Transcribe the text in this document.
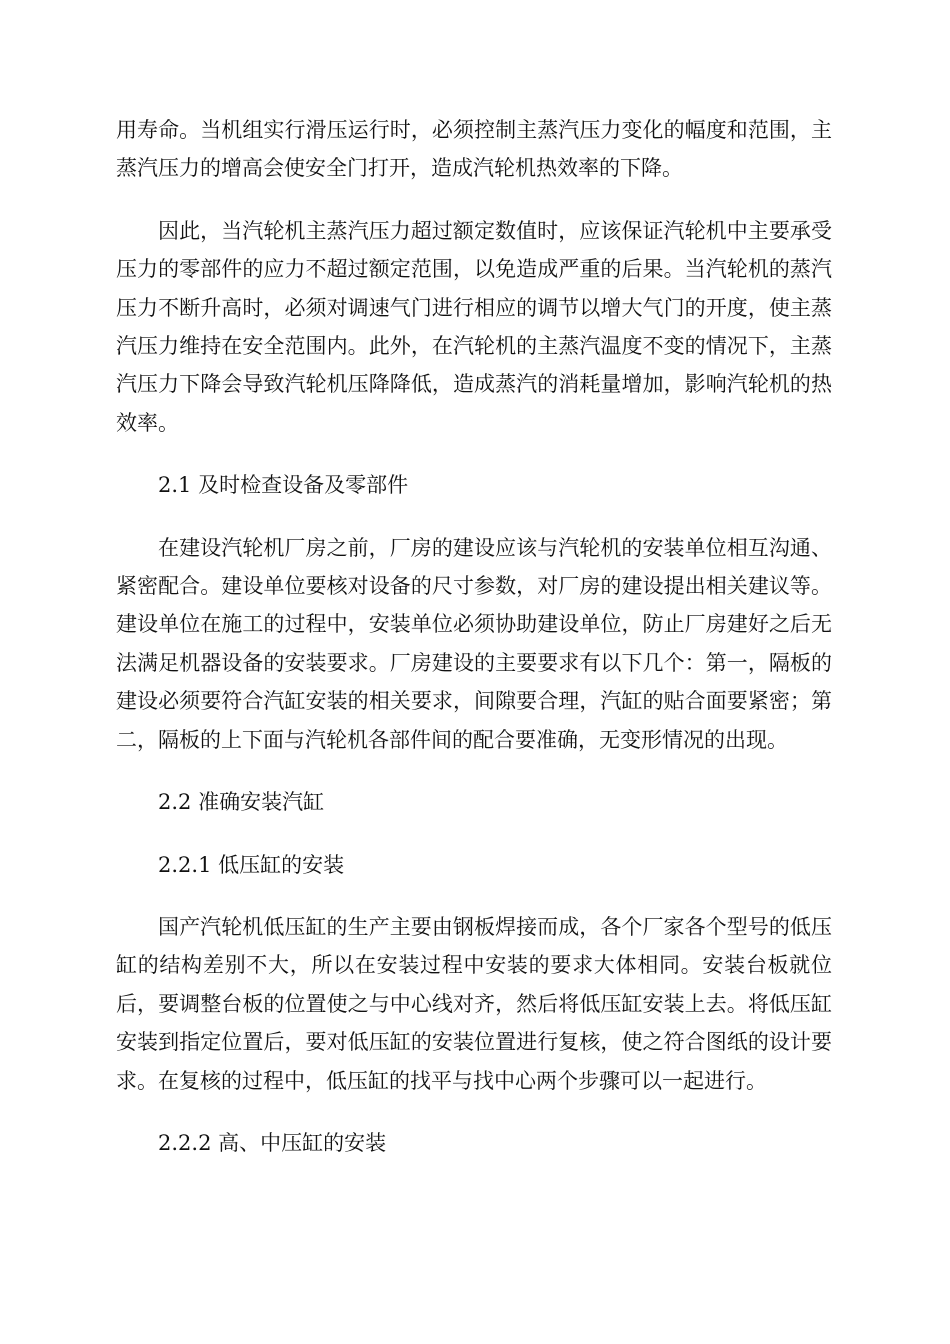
用寿命。当机组实行滑压运行时，必须控制主蒸汽压力变化的幅度和范围，主蒸汽压力的增高会使安全门打开，造成汽轮机热效率的下降。

因此，当汽轮机主蒸汽压力超过额定数值时，应该保证汽轮机中主要承受压力的零部件的应力不超过额定范围，以免造成严重的后果。当汽轮机的蒸汽压力不断升高时，必须对调速气门进行相应的调节以增大气门的开度，使主蒸汽压力维持在安全范围内。此外，在汽轮机的主蒸汽温度不变的情况下，主蒸汽压力下降会导致汽轮机压降降低，造成蒸汽的消耗量增加，影响汽轮机的热效率。

2.1 及时检查设备及零部件

在建设汽轮机厂房之前，厂房的建设应该与汽轮机的安装单位相互沟通、紧密配合。建设单位要核对设备的尺寸参数，对厂房的建设提出相关建议等。建设单位在施工的过程中，安装单位必须协助建设单位，防止厂房建好之后无法满足机器设备的安装要求。厂房建设的主要要求有以下几个：第一，隔板的建设必须要符合汽缸安装的相关要求，间隙要合理，汽缸的贴合面要紧密；第二，隔板的上下面与汽轮机各部件间的配合要准确，无变形情况的出现。

2.2 准确安装汽缸

2.2.1 低压缸的安装

国产汽轮机低压缸的生产主要由钢板焊接而成，各个厂家各个型号的低压缸的结构差别不大，所以在安装过程中安装的要求大体相同。安装台板就位后，要调整台板的位置使之与中心线对齐，然后将低压缸安装上去。将低压缸安装到指定位置后，要对低压缸的安装位置进行复核，使之符合图纸的设计要求。在复核的过程中，低压缸的找平与找中心两个步骤可以一起进行。

2.2.2 高、中压缸的安装
